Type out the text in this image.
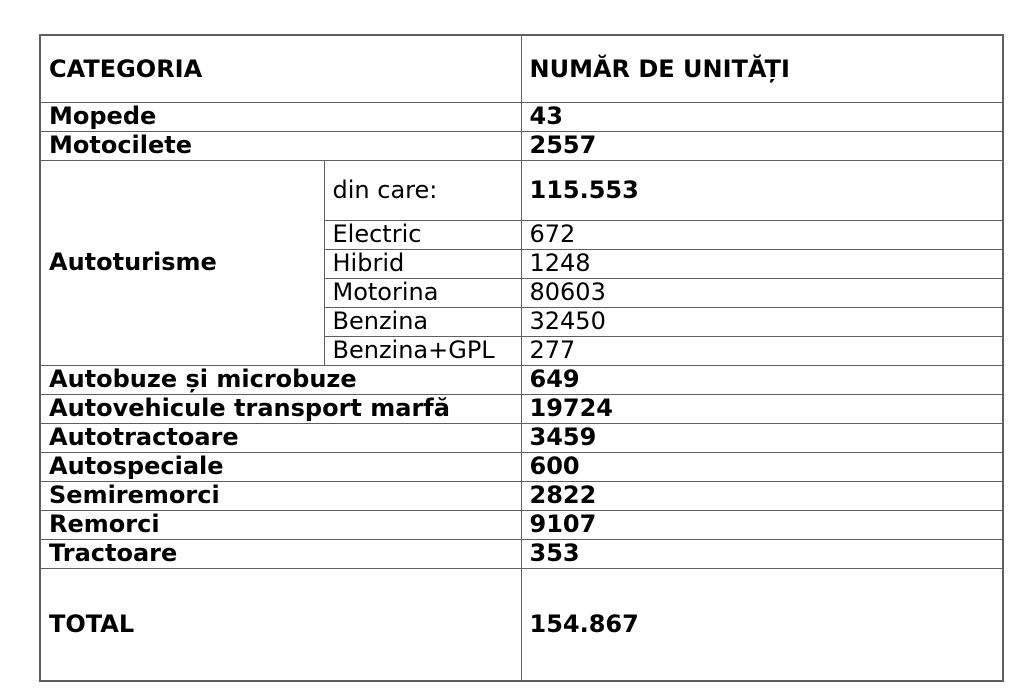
CATEGORIA		NUMĂR DE UNITĂȚI
Mopede		43
Motocilete		2557
Autoturisme	din care:	115.553
	Electric	672
	Hibrid	1248
	Motorina	80603
	Benzina	32450
	Benzina+GPL	277
Autobuze și microbuze		649
Autovehicule transport marfă		19724
Autotractoare		3459
Autospeciale		600
Semiremorci		2822
Remorci		9107
Tractoare		353
TOTAL		154.867
